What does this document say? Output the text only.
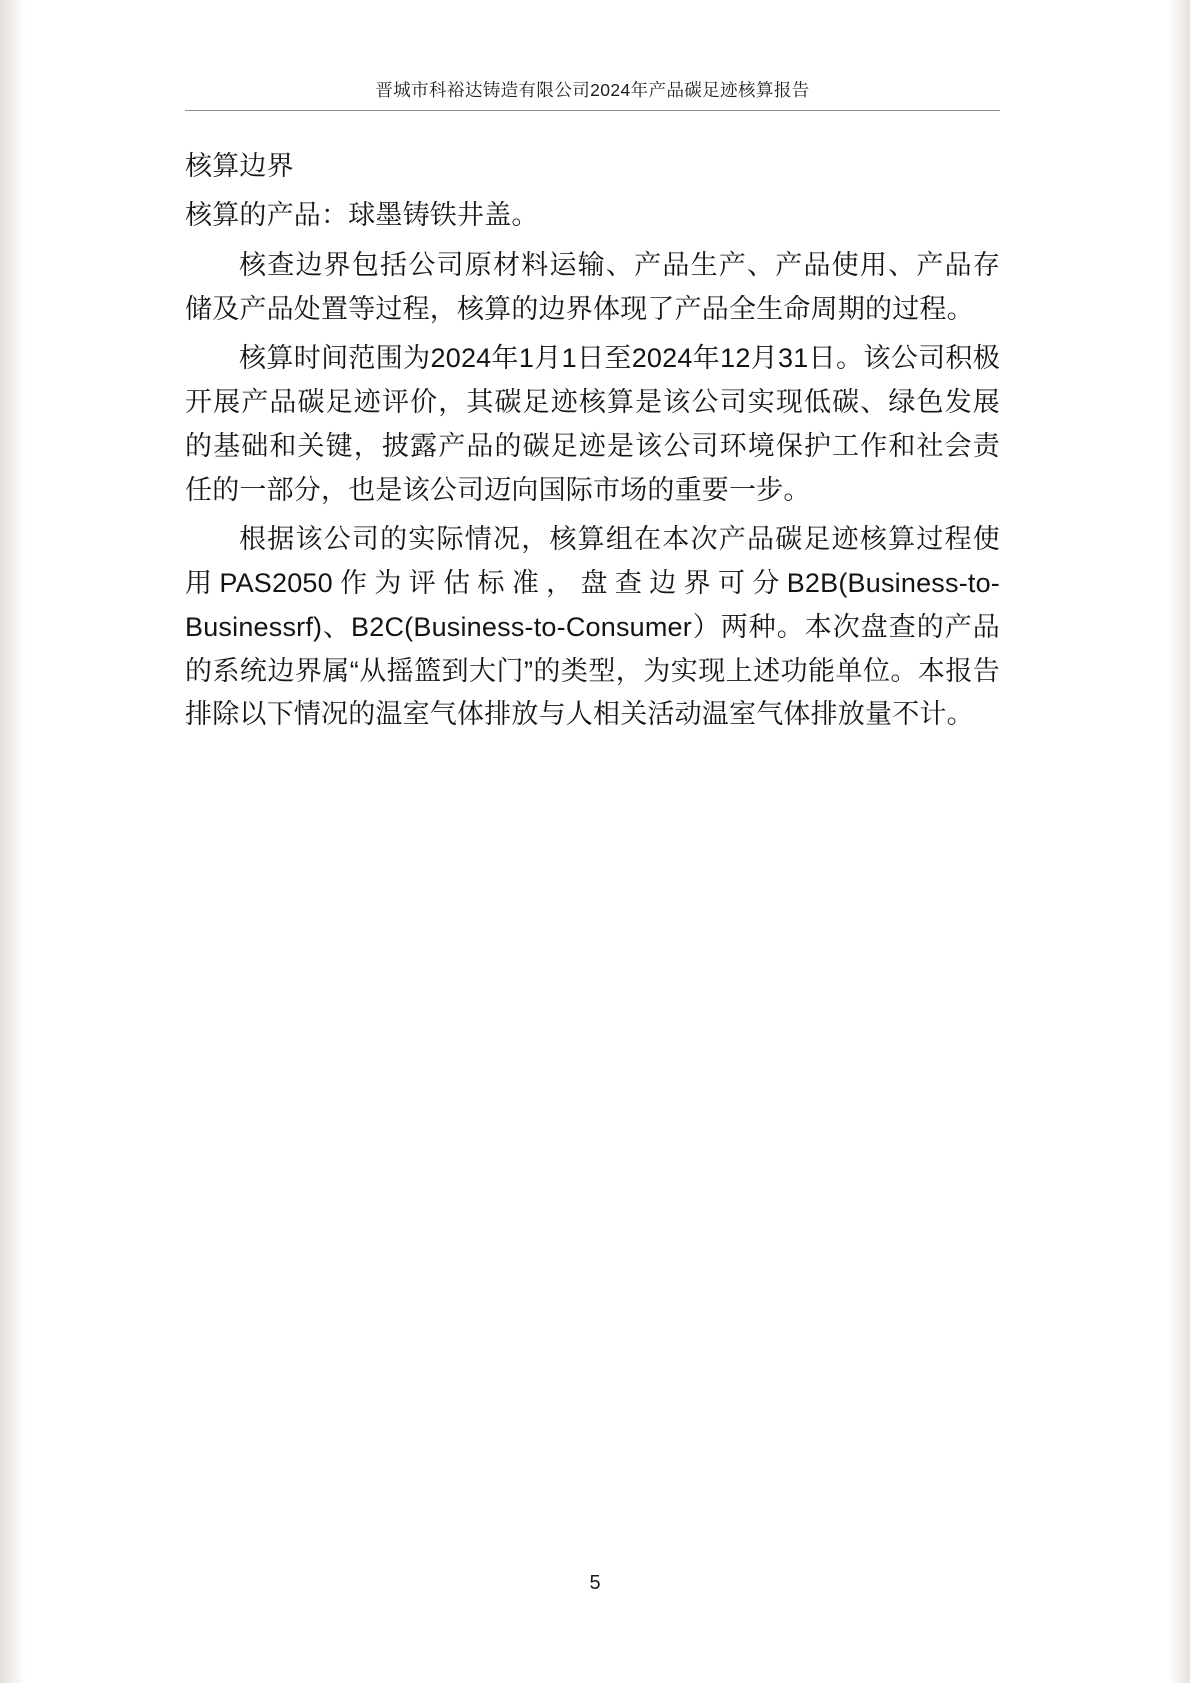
晋城市科裕达铸造有限公司2024年产品碳足迹核算报告

核算边界

核算的产品：球墨铸铁井盖。

核查边界包括公司原材料运输、产品生产、产品使用、产品存储及产品处置等过程，核算的边界体现了产品全生命周期的过程。

核算时间范围为2024年1月1日至2024年12月31日。该公司积极开展产品碳足迹评价，其碳足迹核算是该公司实现低碳、绿色发展的基础和关键，披露产品的碳足迹是该公司环境保护工作和社会责任的一部分，也是该公司迈向国际市场的重要一步。

根据该公司的实际情况，核算组在本次产品碳足迹核算过程使用PAS2050作为评估标准，盘查边界可分B2B(Business-to-Businessrf)、B2C(Business-to-Consumer）两种。本次盘查的产品的系统边界属“从摇篮到大门”的类型，为实现上述功能单位。本报告排除以下情况的温室气体排放与人相关活动温室气体排放量不计。

5
